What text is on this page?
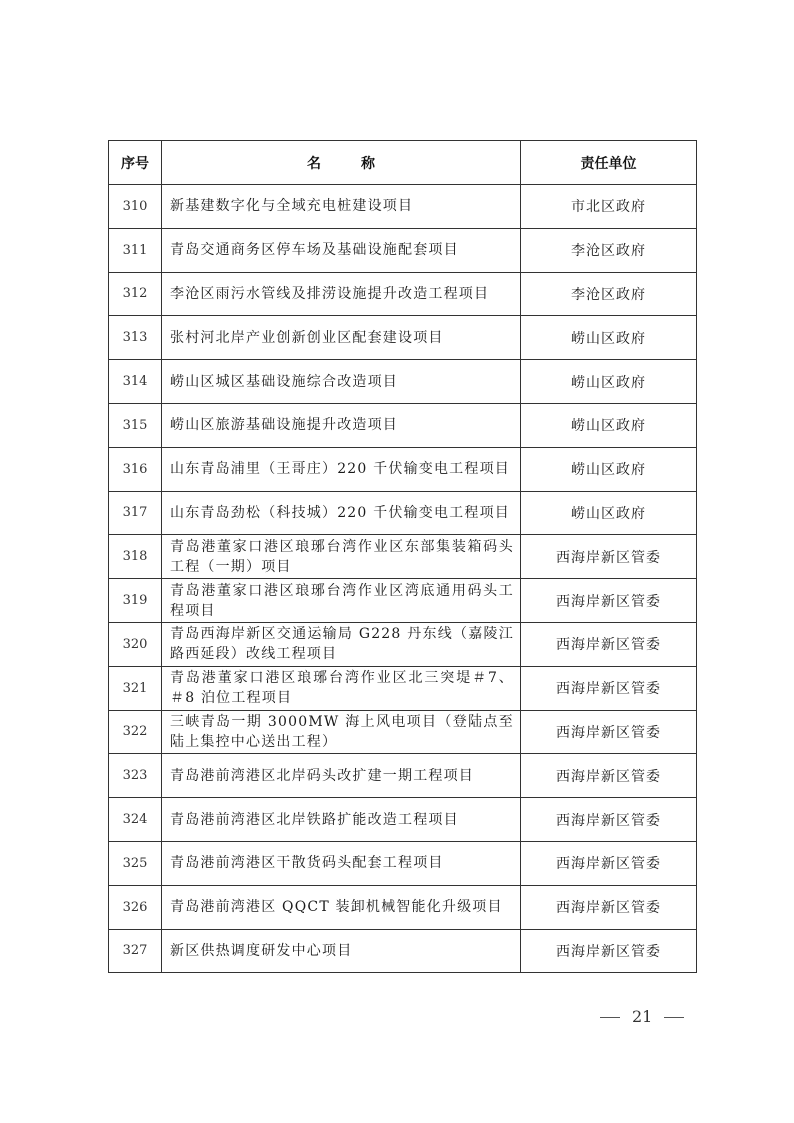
序号	名 称	责任单位
310	新基建数字化与全域充电桩建设项目	市北区政府
311	青岛交通商务区停车场及基础设施配套项目	李沧区政府
312	李沧区雨污水管线及排涝设施提升改造工程项目	李沧区政府
313	张村河北岸产业创新创业区配套建设项目	崂山区政府
314	崂山区城区基础设施综合改造项目	崂山区政府
315	崂山区旅游基础设施提升改造项目	崂山区政府
316	山东青岛浦里（王哥庄）220 千伏输变电工程项目	崂山区政府
317	山东青岛劲松（科技城）220 千伏输变电工程项目	崂山区政府
318	青岛港董家口港区琅琊台湾作业区东部集装箱码头工程（一期）项目	西海岸新区管委
319	青岛港董家口港区琅琊台湾作业区湾底通用码头工程项目	西海岸新区管委
320	青岛西海岸新区交通运输局 G228 丹东线（嘉陵江路西延段）改线工程项目	西海岸新区管委
321	青岛港董家口港区琅琊台湾作业区北三突堤＃7、＃8 泊位工程项目	西海岸新区管委
322	三峡青岛一期 3000MW 海上风电项目（登陆点至陆上集控中心送出工程）	西海岸新区管委
323	青岛港前湾港区北岸码头改扩建一期工程项目	西海岸新区管委
324	青岛港前湾港区北岸铁路扩能改造工程项目	西海岸新区管委
325	青岛港前湾港区干散货码头配套工程项目	西海岸新区管委
326	青岛港前湾港区 QQCT 装卸机械智能化升级项目	西海岸新区管委
327	新区供热调度研发中心项目	西海岸新区管委
21
